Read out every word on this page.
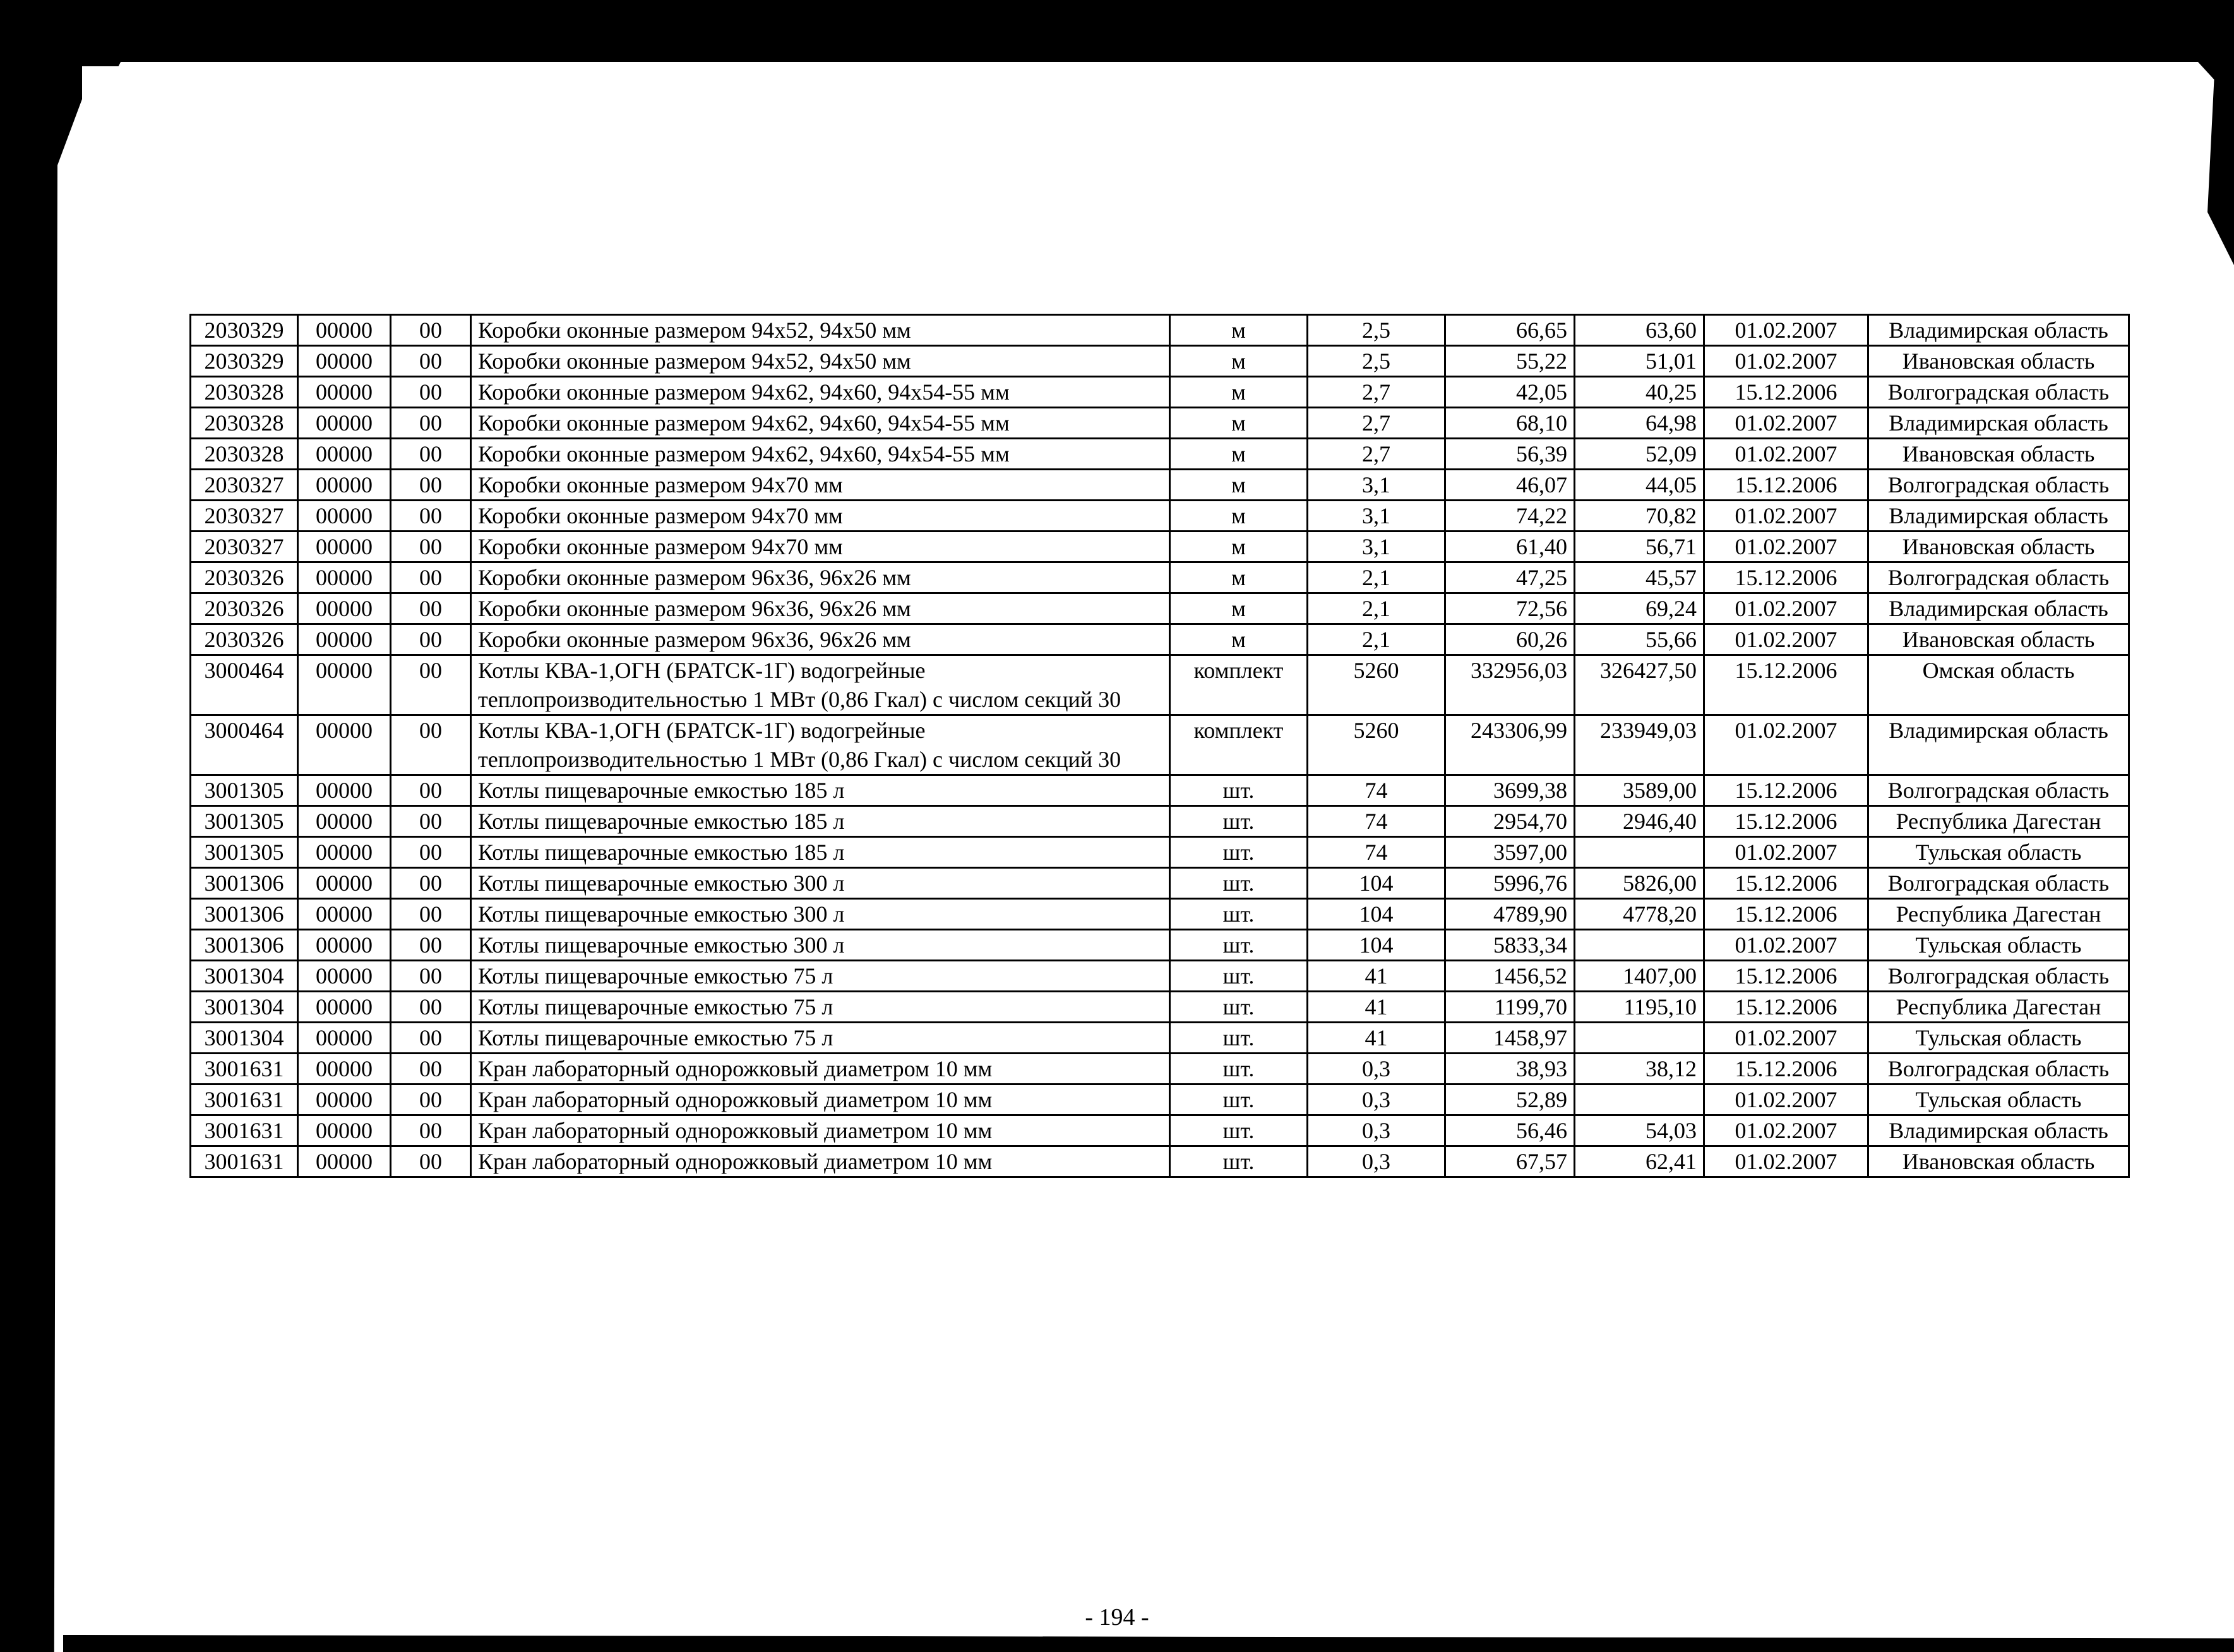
2030329	00000	00	Коробки оконные размером 94х52, 94х50 мм	м	2,5	66,65	63,60	01.02.2007	Владимирская область
2030329	00000	00	Коробки оконные размером 94х52, 94х50 мм	м	2,5	55,22	51,01	01.02.2007	Ивановская область
2030328	00000	00	Коробки оконные размером 94х62, 94х60, 94х54-55 мм	м	2,7	42,05	40,25	15.12.2006	Волгоградская область
2030328	00000	00	Коробки оконные размером 94х62, 94х60, 94х54-55 мм	м	2,7	68,10	64,98	01.02.2007	Владимирская область
2030328	00000	00	Коробки оконные размером 94х62, 94х60, 94х54-55 мм	м	2,7	56,39	52,09	01.02.2007	Ивановская область
2030327	00000	00	Коробки оконные размером 94х70 мм	м	3,1	46,07	44,05	15.12.2006	Волгоградская область
2030327	00000	00	Коробки оконные размером 94х70 мм	м	3,1	74,22	70,82	01.02.2007	Владимирская область
2030327	00000	00	Коробки оконные размером 94х70 мм	м	3,1	61,40	56,71	01.02.2007	Ивановская область
2030326	00000	00	Коробки оконные размером 96х36, 96х26 мм	м	2,1	47,25	45,57	15.12.2006	Волгоградская область
2030326	00000	00	Коробки оконные размером 96х36, 96х26 мм	м	2,1	72,56	69,24	01.02.2007	Владимирская область
2030326	00000	00	Коробки оконные размером 96х36, 96х26 мм	м	2,1	60,26	55,66	01.02.2007	Ивановская область
3000464	00000	00	Котлы КВА-1,ОГН (БРАТСК-1Г) водогрейные теплопроизводительностью 1 МВт (0,86 Гкал) с числом секций 30	комплект	5260	332956,03	326427,50	15.12.2006	Омская область
3000464	00000	00	Котлы КВА-1,ОГН (БРАТСК-1Г) водогрейные теплопроизводительностью 1 МВт (0,86 Гкал) с числом секций 30	комплект	5260	243306,99	233949,03	01.02.2007	Владимирская область
3001305	00000	00	Котлы пищеварочные емкостью 185 л	шт.	74	3699,38	3589,00	15.12.2006	Волгоградская область
3001305	00000	00	Котлы пищеварочные емкостью 185 л	шт.	74	2954,70	2946,40	15.12.2006	Республика Дагестан
3001305	00000	00	Котлы пищеварочные емкостью 185 л	шт.	74	3597,00		01.02.2007	Тульская область
3001306	00000	00	Котлы пищеварочные емкостью 300 л	шт.	104	5996,76	5826,00	15.12.2006	Волгоградская область
3001306	00000	00	Котлы пищеварочные емкостью 300 л	шт.	104	4789,90	4778,20	15.12.2006	Республика Дагестан
3001306	00000	00	Котлы пищеварочные емкостью 300 л	шт.	104	5833,34		01.02.2007	Тульская область
3001304	00000	00	Котлы пищеварочные емкостью 75 л	шт.	41	1456,52	1407,00	15.12.2006	Волгоградская область
3001304	00000	00	Котлы пищеварочные емкостью 75 л	шт.	41	1199,70	1195,10	15.12.2006	Республика Дагестан
3001304	00000	00	Котлы пищеварочные емкостью 75 л	шт.	41	1458,97		01.02.2007	Тульская область
3001631	00000	00	Кран лабораторный однорожковый диаметром 10 мм	шт.	0,3	38,93	38,12	15.12.2006	Волгоградская область
3001631	00000	00	Кран лабораторный однорожковый диаметром 10 мм	шт.	0,3	52,89		01.02.2007	Тульская область
3001631	00000	00	Кран лабораторный однорожковый диаметром 10 мм	шт.	0,3	56,46	54,03	01.02.2007	Владимирская область
3001631	00000	00	Кран лабораторный однорожковый диаметром 10 мм	шт.	0,3	67,57	62,41	01.02.2007	Ивановская область
- 194 -
